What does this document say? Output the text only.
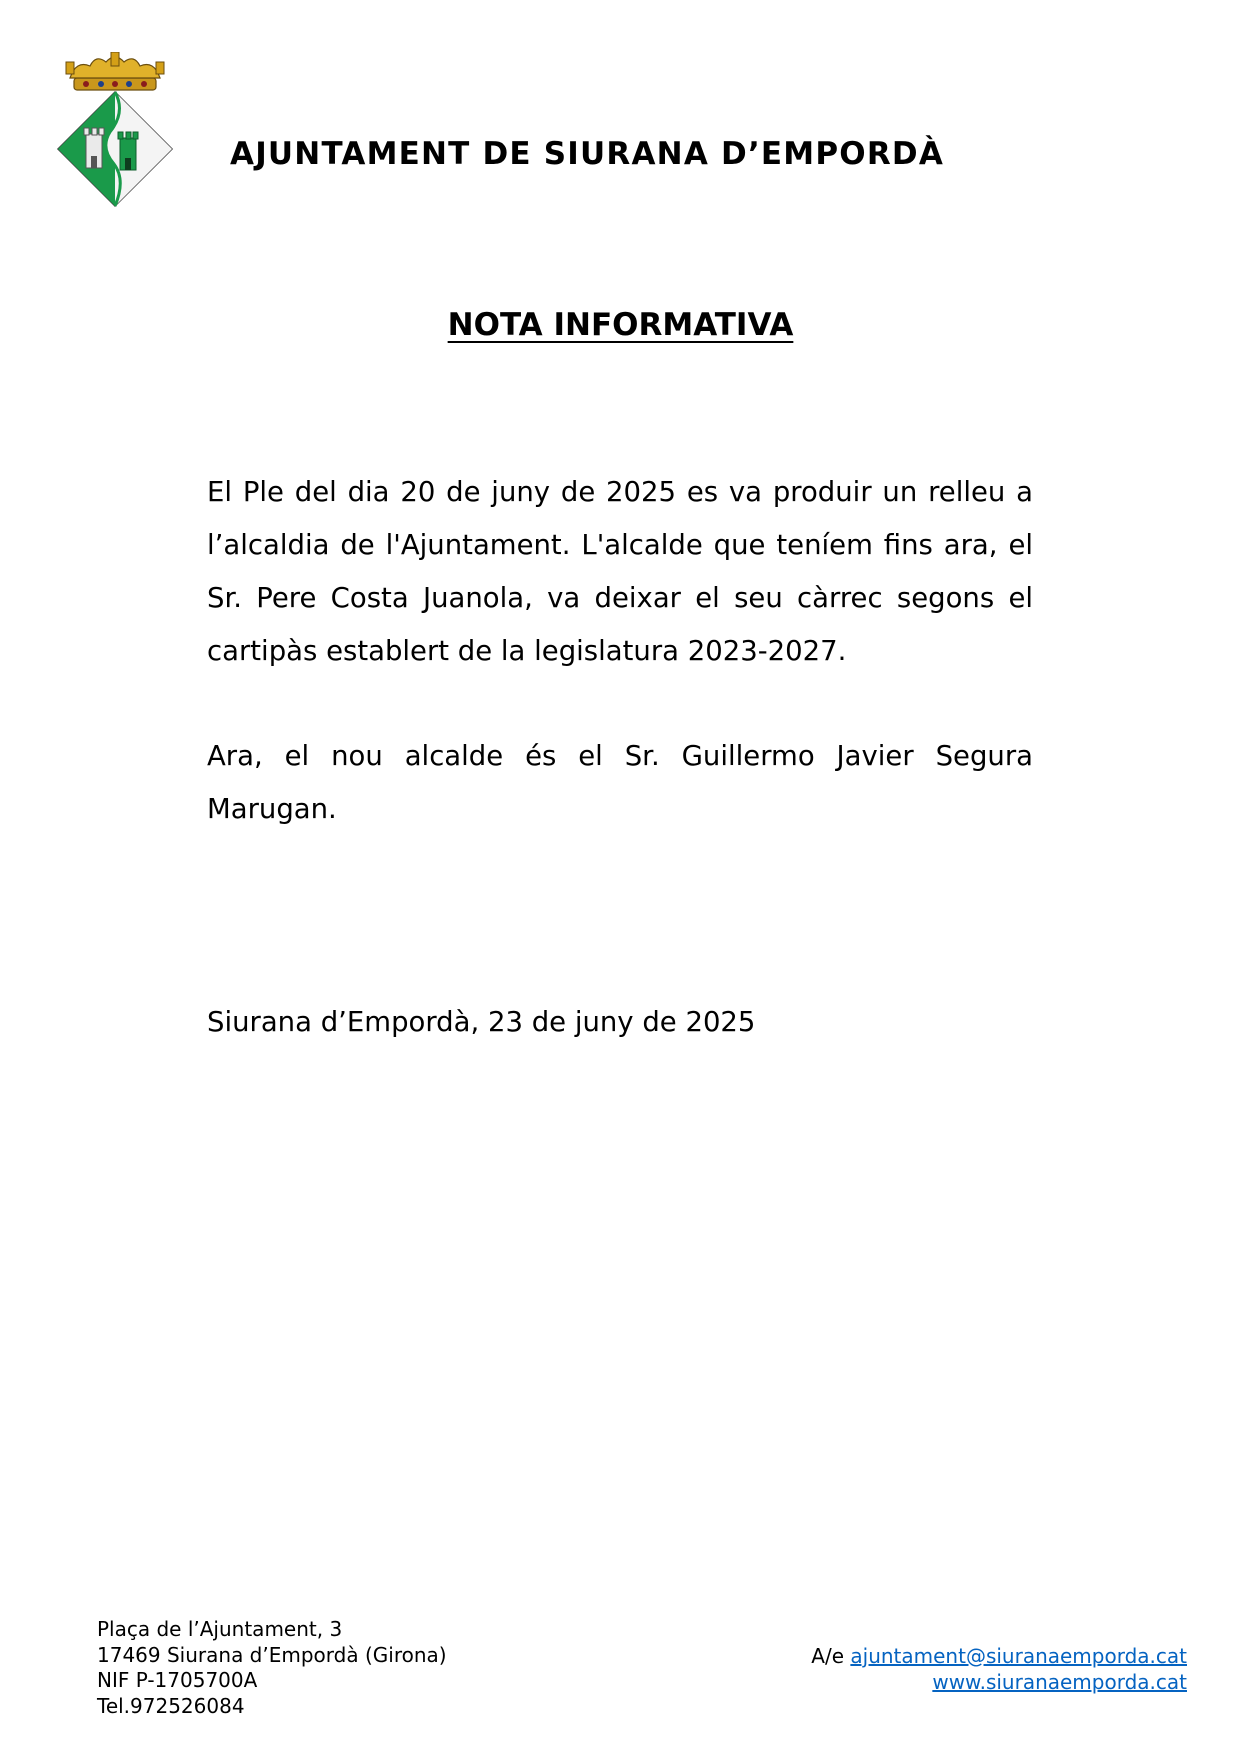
AJUNTAMENT DE SIURANA D’EMPORDÀ
NOTA INFORMATIVA

El Ple del dia 20 de juny de 2025 es va produir un relleu a l’alcaldia de l'Ajuntament. L'alcalde que teníem fins ara, el Sr. Pere Costa Juanola, va deixar el seu càrrec segons el cartipàs establert de la legislatura 2023-2027.

Ara, el nou alcalde és el Sr. Guillermo Javier Segura Marugan.

Siurana d’Empordà, 23 de juny de 2025

Plaça de l’Ajuntament, 3
17469 Siurana d’Empordà (Girona)
NIF P-1705700A
Tel.972526084
A/e ajuntament@siuranaemporda.cat
www.siuranaemporda.cat
